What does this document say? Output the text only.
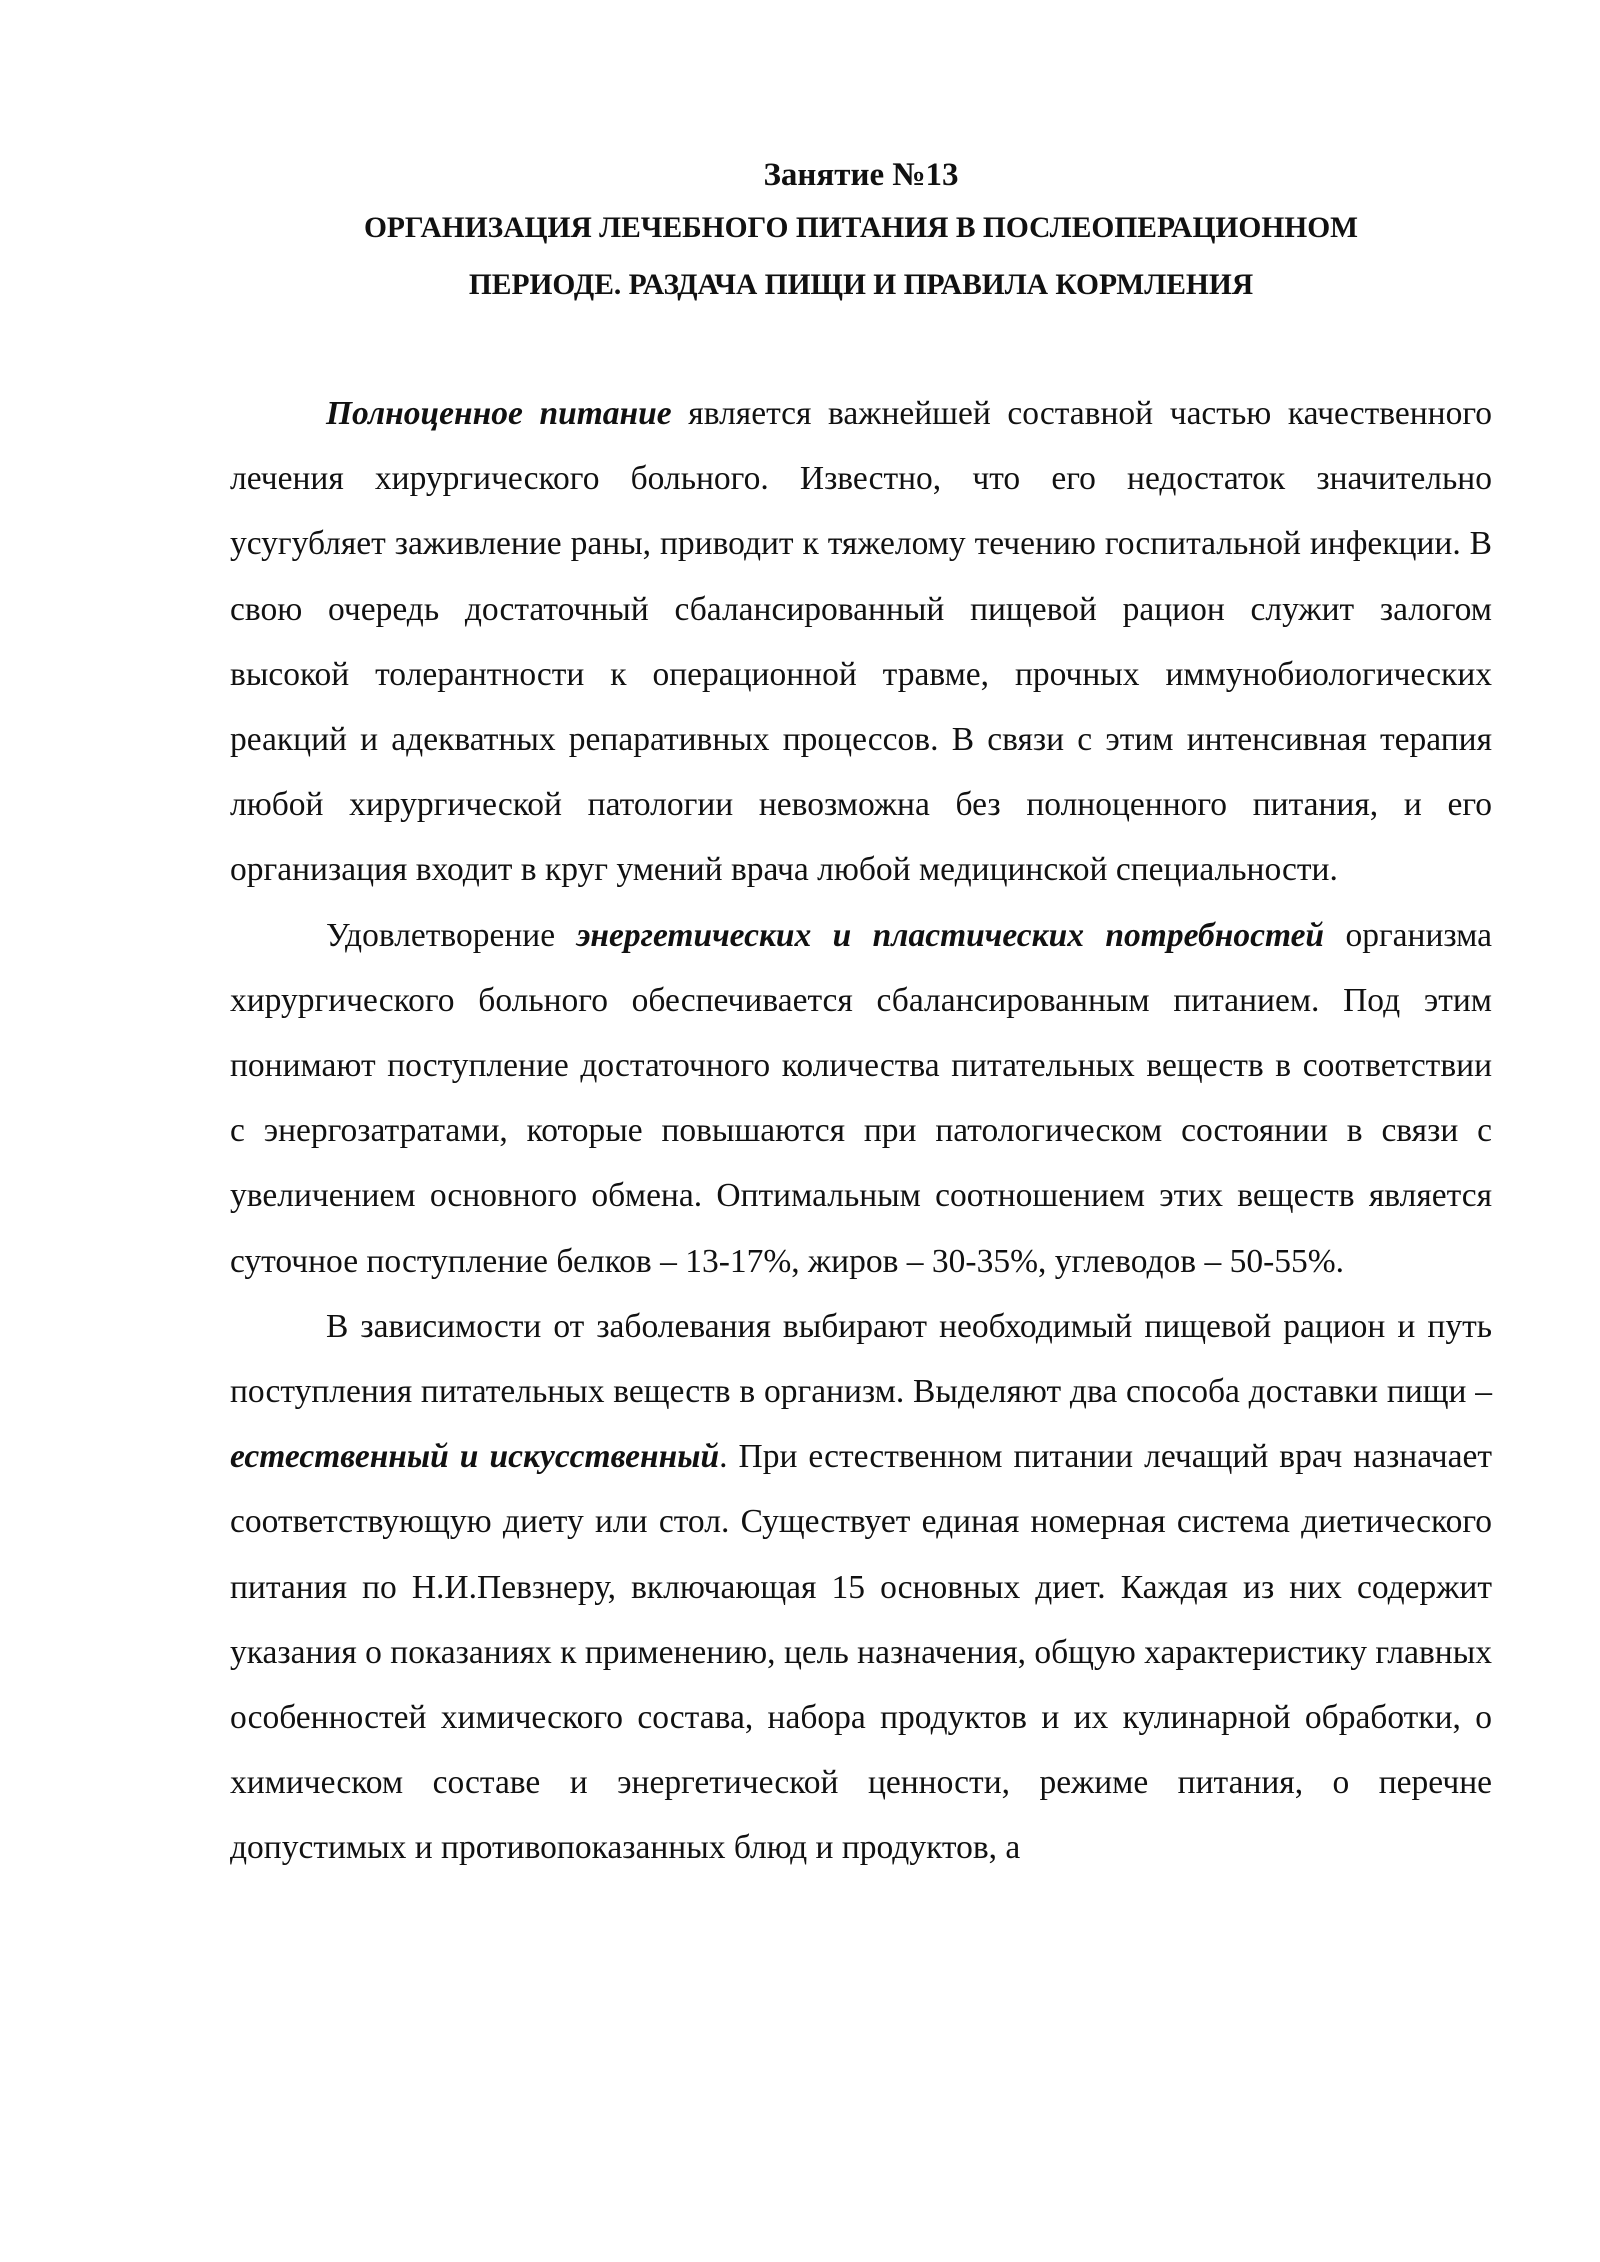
Занятие №13
ОРГАНИЗАЦИЯ ЛЕЧЕБНОГО ПИТАНИЯ В ПОСЛЕОПЕРАЦИОННОМ
ПЕРИОДЕ. РАЗДАЧА ПИЩИ И ПРАВИЛА КОРМЛЕНИЯ

Полноценное питание является важнейшей составной частью качественного лечения хирургического больного. Известно, что его недостаток значительно усугубляет заживление раны, приводит к тяжелому течению госпитальной инфекции. В свою очередь достаточный сбалансированный пищевой рацион служит залогом высокой толерантности к операционной травме, прочных иммунобиологических реакций и адекватных репаративных процессов. В связи с этим интенсивная терапия любой хирургической патологии невозможна без полноценного питания, и его организация входит в круг умений врача любой медицинской специальности.

Удовлетворение энергетических и пластических потребностей организма хирургического больного обеспечивается сбалансированным питанием. Под этим понимают поступление достаточного количества питательных веществ в соответствии с энергозатратами, которые повышаются при патологическом состоянии в связи с увеличением основного обмена. Оптимальным соотношением этих веществ является суточное поступление белков – 13-17%, жиров – 30-35%, углеводов – 50-55%.

В зависимости от заболевания выбирают необходимый пищевой рацион и путь поступления питательных веществ в организм. Выделяют два способа доставки пищи – естественный и искусственный. При естественном питании лечащий врач назначает соответствующую диету или стол. Существует единая номерная система диетического питания по Н.И.Певзнеру, включающая 15 основных диет. Каждая из них содержит указания о показаниях к применению, цель назначения, общую характеристику главных особенностей химического состава, набора продуктов и их кулинарной обработки, о химическом составе и энергетической ценности, режиме питания, о перечне допустимых и противопоказанных блюд и продуктов, а
